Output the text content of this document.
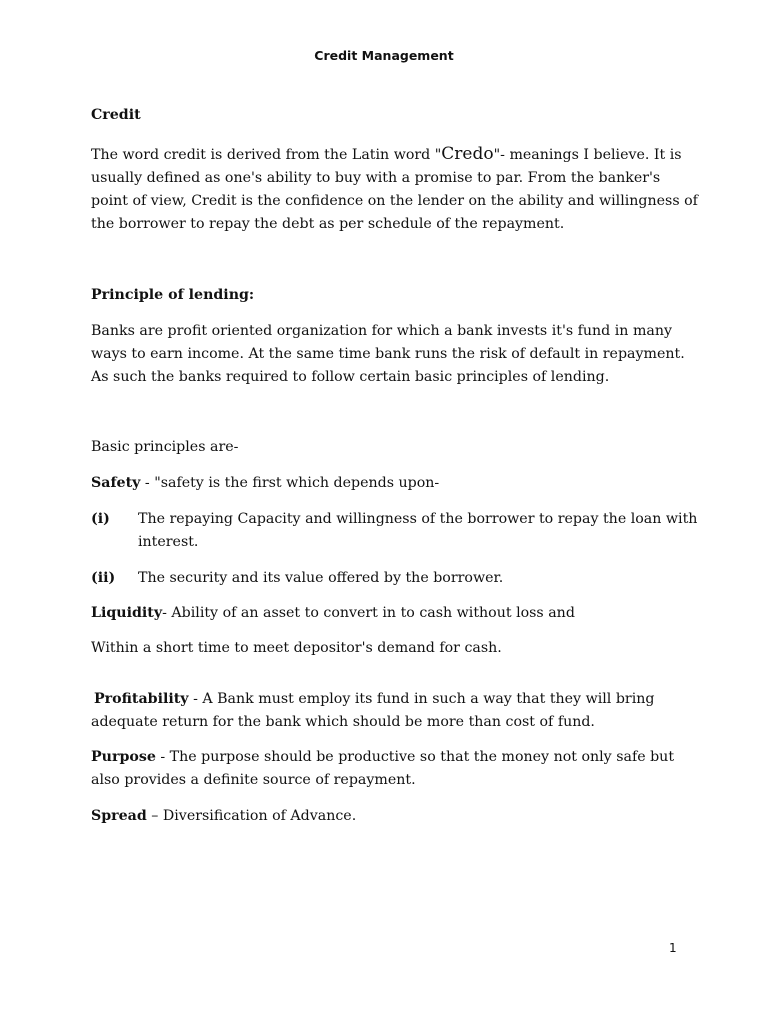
Credit Management
Credit
The word credit is derived from the Latin word "Credo"- meanings I believe. It is
usually defined as one's ability to buy with a promise to par. From the banker's
point of view, Credit is the confidence on the lender on the ability and willingness of
the borrower to repay the debt as per schedule of the repayment.
Principle of lending:
Banks are profit oriented organization for which a bank invests it's fund in many
ways to earn income. At the same time bank runs the risk of default in repayment.
As such the banks required to follow certain basic principles of lending.
Basic principles are-
Safety - "safety is the first which depends upon-
(i) The repaying Capacity and willingness of the borrower to repay the loan with
interest.
(ii) The security and its value offered by the borrower.
Liquidity- Ability of an asset to convert in to cash without loss and
Within a short time to meet depositor's demand for cash.
Profitability - A Bank must employ its fund in such a way that they will bring
adequate return for the bank which should be more than cost of fund.
Purpose - The purpose should be productive so that the money not only safe but
also provides a definite source of repayment.
Spread – Diversification of Advance.
1
